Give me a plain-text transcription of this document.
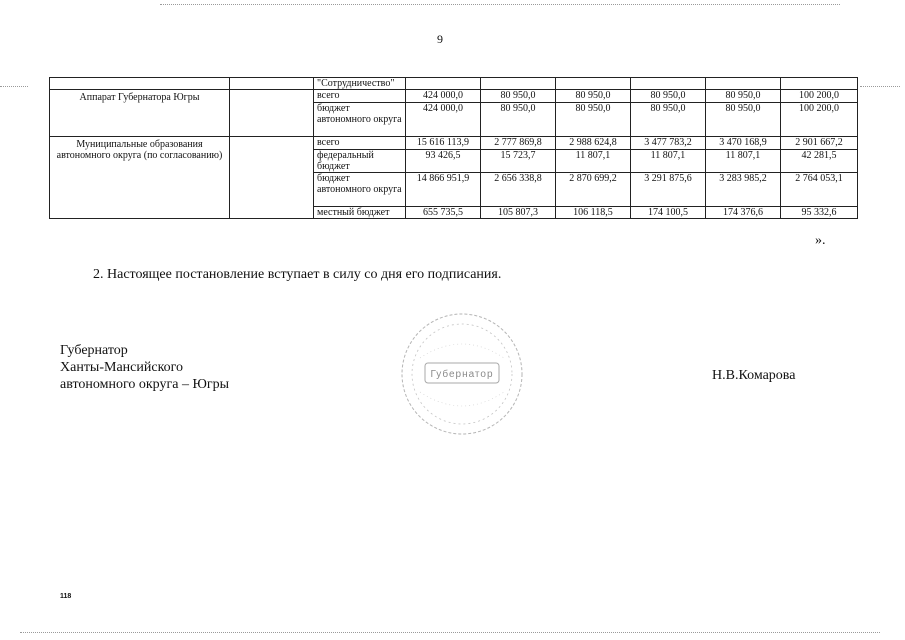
9
		"Сотрудничество"						
Аппарат Губернатора Югры		всего	424 000,0	80 950,0	80 950,0	80 950,0	80 950,0	100 200,0
		бюджет автономного округа	424 000,0	80 950,0	80 950,0	80 950,0	80 950,0	100 200,0
Муниципальные образования автономного округа (по согласованию)		всего	15 616 113,9	2 777 869,8	2 988 624,8	3 477 783,2	3 470 168,9	2 901 667,2
		федеральный бюджет	93 426,5	15 723,7	11 807,1	11 807,1	11 807,1	42 281,5
		бюджет автономного округа	14 866 951,9	2 656 338,8	2 870 699,2	3 291 875,6	3 283 985,2	2 764 053,1
		местный бюджет	655 735,5	105 807,3	106 118,5	174 100,5	174 376,6	95 332,6
».
2. Настоящее постановление вступает в силу со дня его подписания.
Губернатор
Ханты-Мансийского
автономного округа – Югры
Губернатор	Н.В.Комарова
118
